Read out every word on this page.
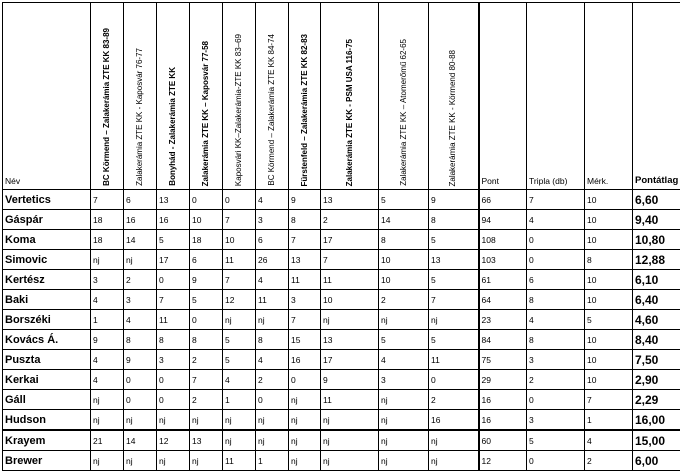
Név	BC Körmend – Zalakerámia ZTE KK 83-89	Zalakerámia ZTE KK - Kaposvár 76-77	Bonyhád - Zalakerámia ZTE KK	Zalakerámia ZTE KK – Kaposvár 77-58	Kaposvári KK–Zalakerámia-ZTE KK 83–69	BC Körmend – Zalakerámia ZTE KK 84-74	Fürstenfeld – Zalakerámia ZTE KK 82-83	Zalakerámia ZTE KK - PSM USA 116-75	Zalakerámia ZTE KK – Atomerőmű 62-65	Zalakerámia ZTE KK - Körmend 80-88	Pont	Tripla (db)	Mérk.	Pontátlag
Vertetics	7	6	13	0	0	4	9	13	5	9	66	7	10	6,60
Gáspár	18	16	16	10	7	3	8	2	14	8	94	4	10	9,40
Koma	18	14	5	18	10	6	7	17	8	5	108	0	10	10,80
Simovic	nj	nj	17	6	11	26	13	7	10	13	103	0	8	12,88
Kertész	3	2	0	9	7	4	11	11	10	5	61	6	10	6,10
Baki	4	3	7	5	12	11	3	10	2	7	64	8	10	6,40
Borszéki	1	4	11	0	nj	nj	7	nj	nj	nj	23	4	5	4,60
Kovács Á.	9	8	8	8	5	8	15	13	5	5	84	8	10	8,40
Puszta	4	9	3	2	5	4	16	17	4	11	75	3	10	7,50
Kerkai	4	0	0	7	4	2	0	9	3	0	29	2	10	2,90
Gáll	nj	0	0	2	1	0	nj	11	nj	2	16	0	7	2,29
Hudson	nj	nj	nj	nj	nj	nj	nj	nj	nj	16	16	3	1	16,00
Krayem	21	14	12	13	nj	nj	nj	nj	nj	nj	60	5	4	15,00
Brewer	nj	nj	nj	nj	11	1	nj	nj	nj	nj	12	0	2	6,00
